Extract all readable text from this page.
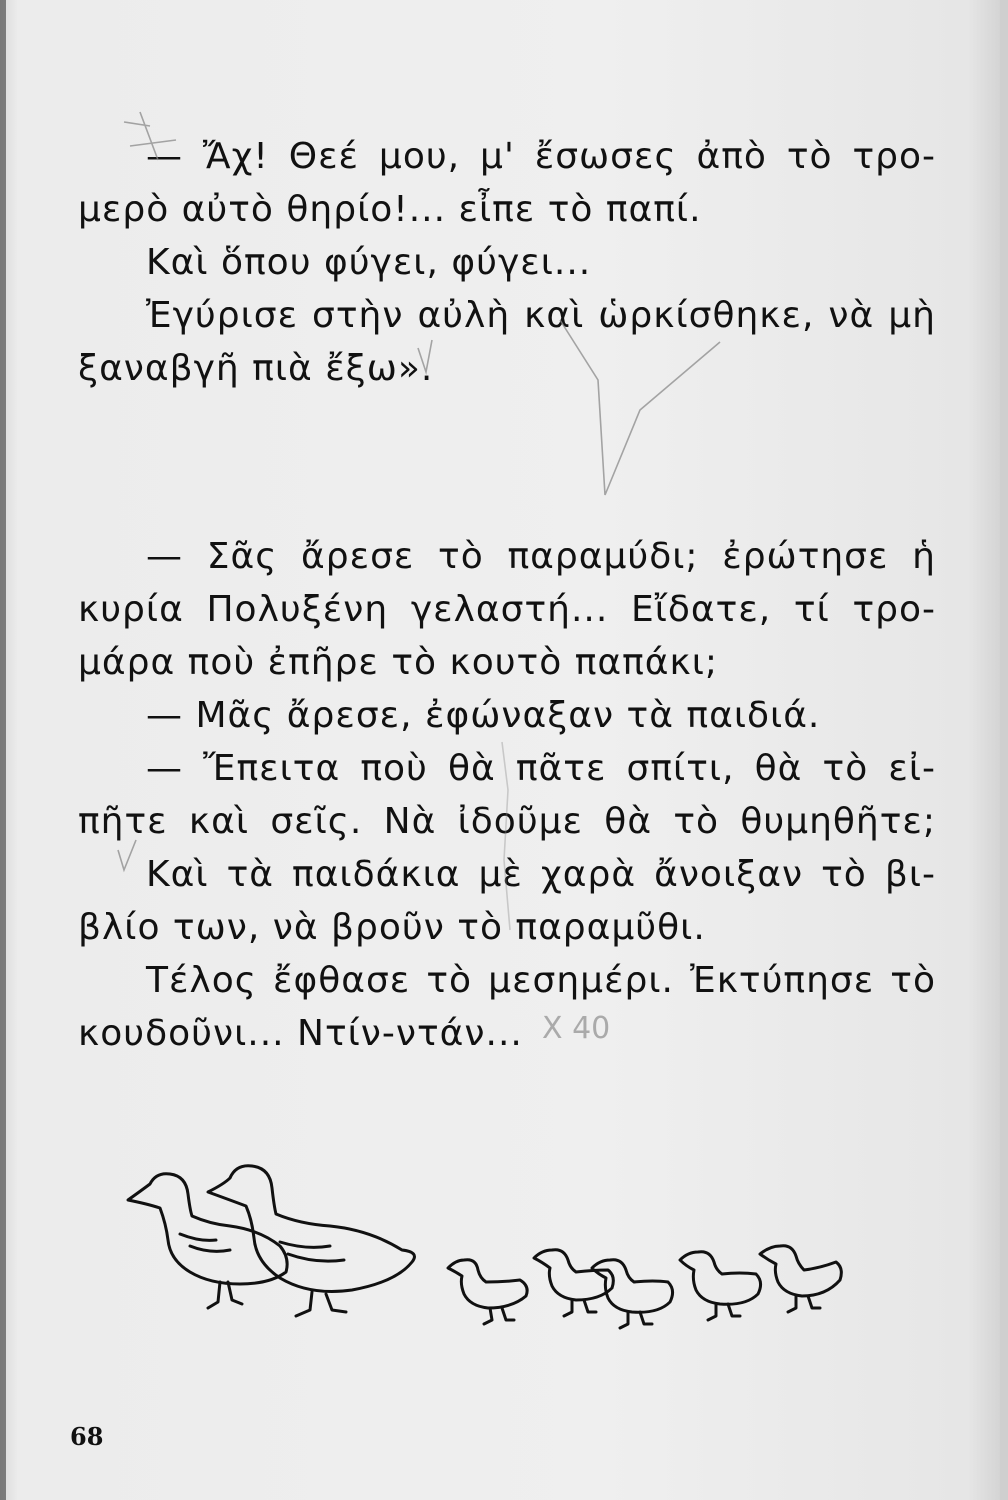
— Ἄχ! Θεέ μου, μ' ἔσωσες ἀπὸ τὸ τρο-
μερὸ αὐτὸ θηρίο!... εἶπε τὸ παπί.
Καὶ ὅπου φύγει, φύγει...
Ἐγύρισε στὴν αὐλὴ καὶ ὡρκίσθηκε, νὰ μὴ
ξαναβγῆ πιὰ ἔξω».
— Σᾶς ἄρεσε τὸ παραμύδι; ἐρώτησε ἡ
κυρία Πολυξένη γελαστή... Εἴδατε, τί τρο-
μάρα ποὺ ἐπῆρε τὸ κουτὸ παπάκι;
— Μᾶς ἄρεσε, ἐφώναξαν τὰ παιδιά.
— Ἔπειτα ποὺ θὰ πᾶτε σπίτι, θὰ τὸ εἰ-
πῆτε καὶ σεῖς. Νὰ ἰδοῦμε θὰ τὸ θυμηθῆτε;
Καὶ τὰ παιδάκια μὲ χαρὰ ἄνοιξαν τὸ βι-
βλίο των, νὰ βροῦν τὸ παραμῦθι.
Τέλος ἔφθασε τὸ μεσημέρι. Ἐκτύπησε τὸ
κουδοῦνι... Ντίν-ντάν... X 40
68
